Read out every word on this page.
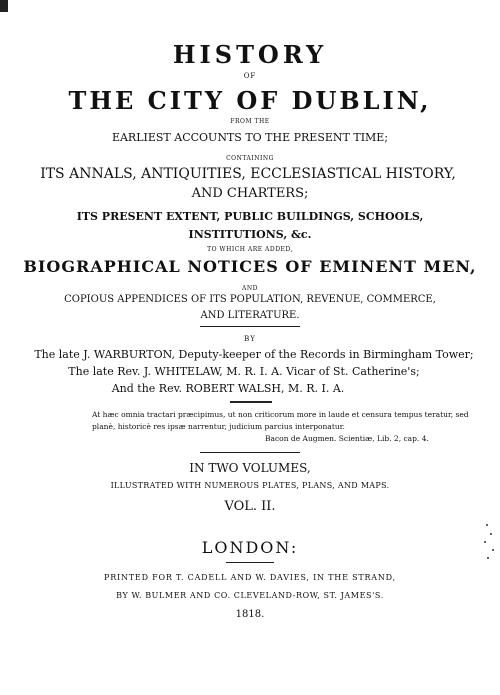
HISTORY
OF
THE CITY OF DUBLIN,
FROM THE
EARLIEST ACCOUNTS TO THE PRESENT TIME;
CONTAINING
ITS ANNALS, ANTIQUITIES, ECCLESIASTICAL HISTORY,
AND CHARTERS;
ITS PRESENT EXTENT, PUBLIC BUILDINGS, SCHOOLS,
INSTITUTIONS, &c.
TO WHICH ARE ADDED,
BIOGRAPHICAL NOTICES OF EMINENT MEN,
AND
COPIOUS APPENDICES OF ITS POPULATION, REVENUE, COMMERCE,
AND LITERATURE.
BY
The late J. WARBURTON, Deputy-keeper of the Records in Birmingham Tower;
The late Rev. J. WHITELAW, M. R. I. A. Vicar of St. Catherine's;
And the Rev. ROBERT WALSH, M. R. I. A.
At hæc omnia tractari præcipimus, ut non criticorum more in laude et censura tempus teratur, sed
planè, historicè res ipsæ narrentur, judicium parcius interponatur.
Bacon de Augmen. Scientiæ, Lib. 2, cap. 4.
IN TWO VOLUMES,
ILLUSTRATED WITH NUMEROUS PLATES, PLANS, AND MAPS.
VOL. II.
LONDON:
PRINTED FOR T. CADELL AND W. DAVIES, IN THE STRAND,
BY W. BULMER AND CO. CLEVELAND-ROW, ST. JAMES'S.
1818.
